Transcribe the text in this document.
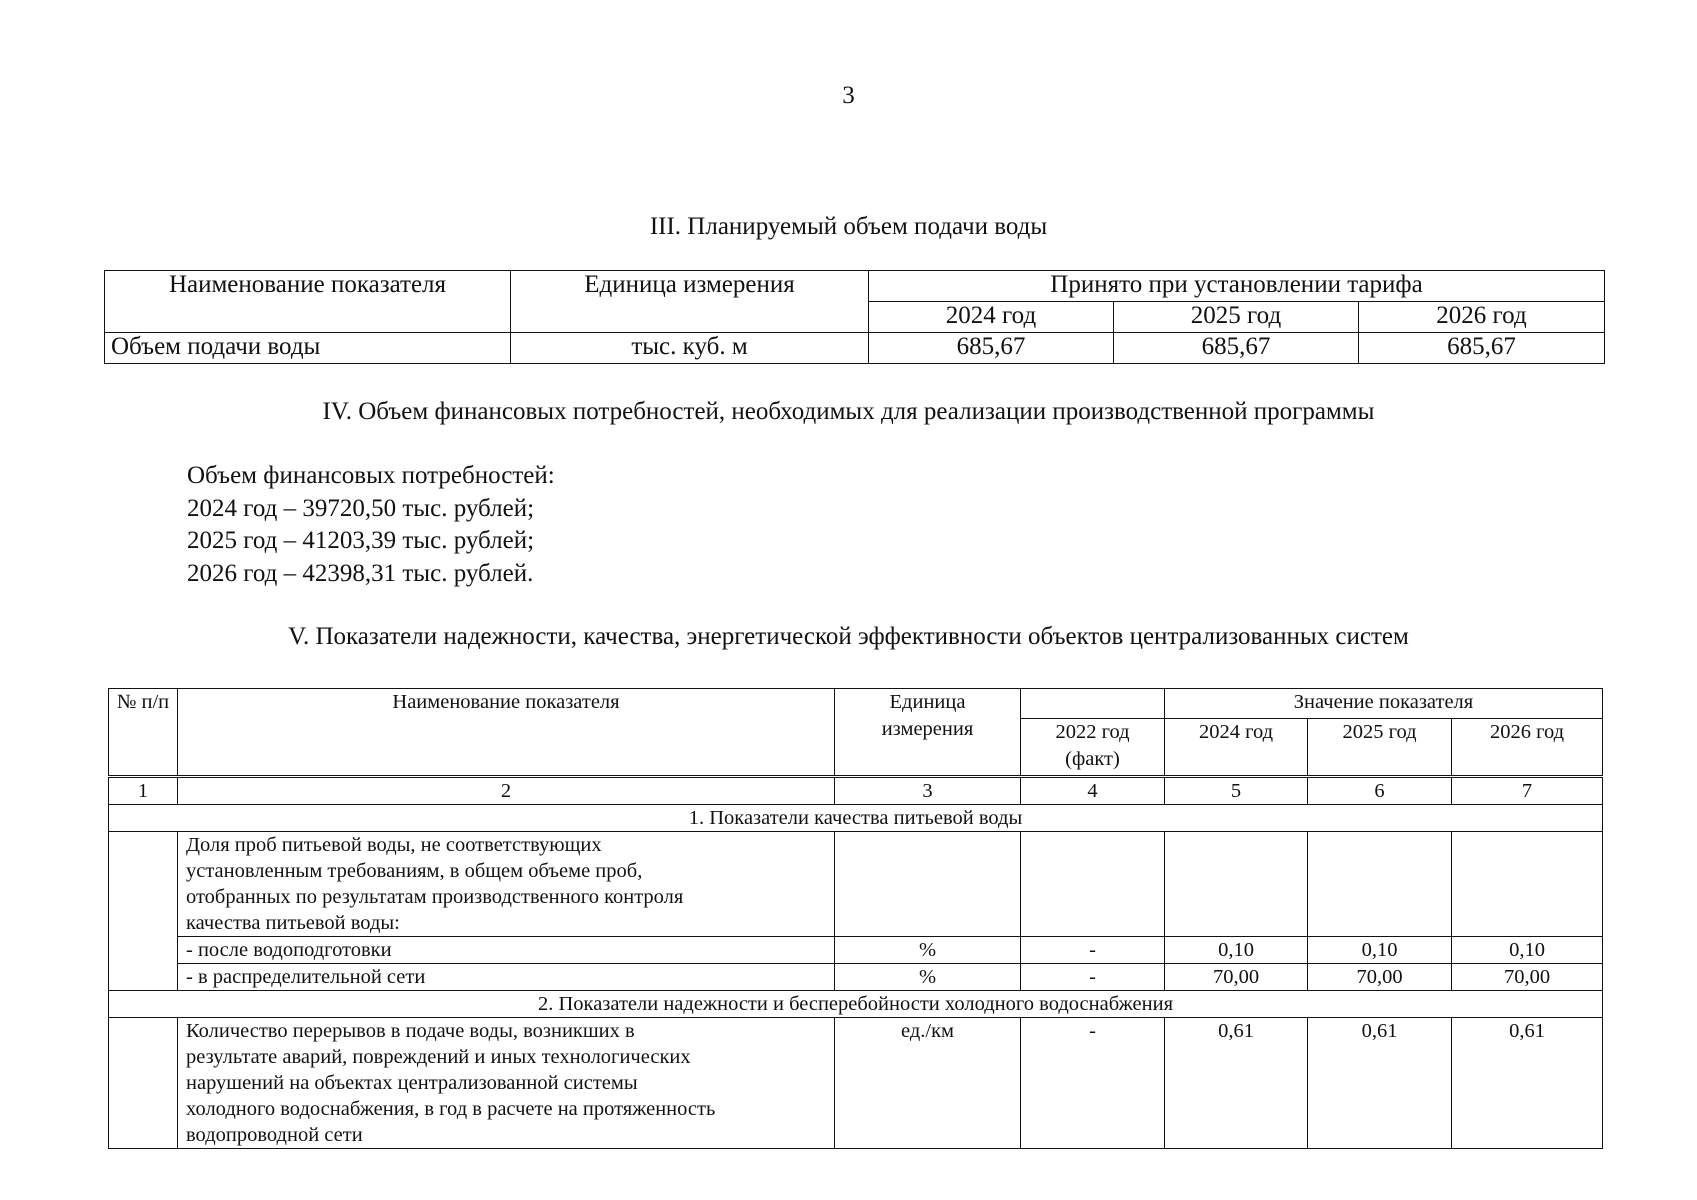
3
III. Планируемый объем подачи воды
Наименование показателя	Единица измерения	Принято при установлении тарифа		
		2024 год	2025 год	2026 год
Объем подачи воды	тыс. куб. м	685,67	685,67	685,67
IV. Объем финансовых потребностей, необходимых для реализации производственной программы
Объем финансовых потребностей:
2024 год – 39720,50 тыс. рублей;
2025 год – 41203,39 тыс. рублей;
2026 год – 42398,31 тыс. рублей.
V. Показатели надежности, качества, энергетической эффективности объектов централизованных систем
№ п/п	Наименование показателя	Единица измерения		Значение показателя		
			2022 год (факт)	2024 год	2025 год	2026 год
1	2	3	4	5	6	7
1. Показатели качества питьевой воды						

	Доля проб питьевой воды, не соответствующих
установленным требованиям, в общем объеме проб,
отобранных по результатам производственного контроля
качества питьевой воды:					

	- после водоподготовки	%	-	0,10	0,10	0,10
	- в распределительной сети	%	-	70,00	70,00	70,00
2. Показатели надежности и бесперебойности холодного водоснабжения						

	Количество перерывов в подаче воды, возникших в
результате аварий, повреждений и иных технологических
нарушений на объектах централизованной системы
холодного водоснабжения, в год в расчете на протяженность
водопроводной сети	ед./км	-	0,61	0,61	0,61
